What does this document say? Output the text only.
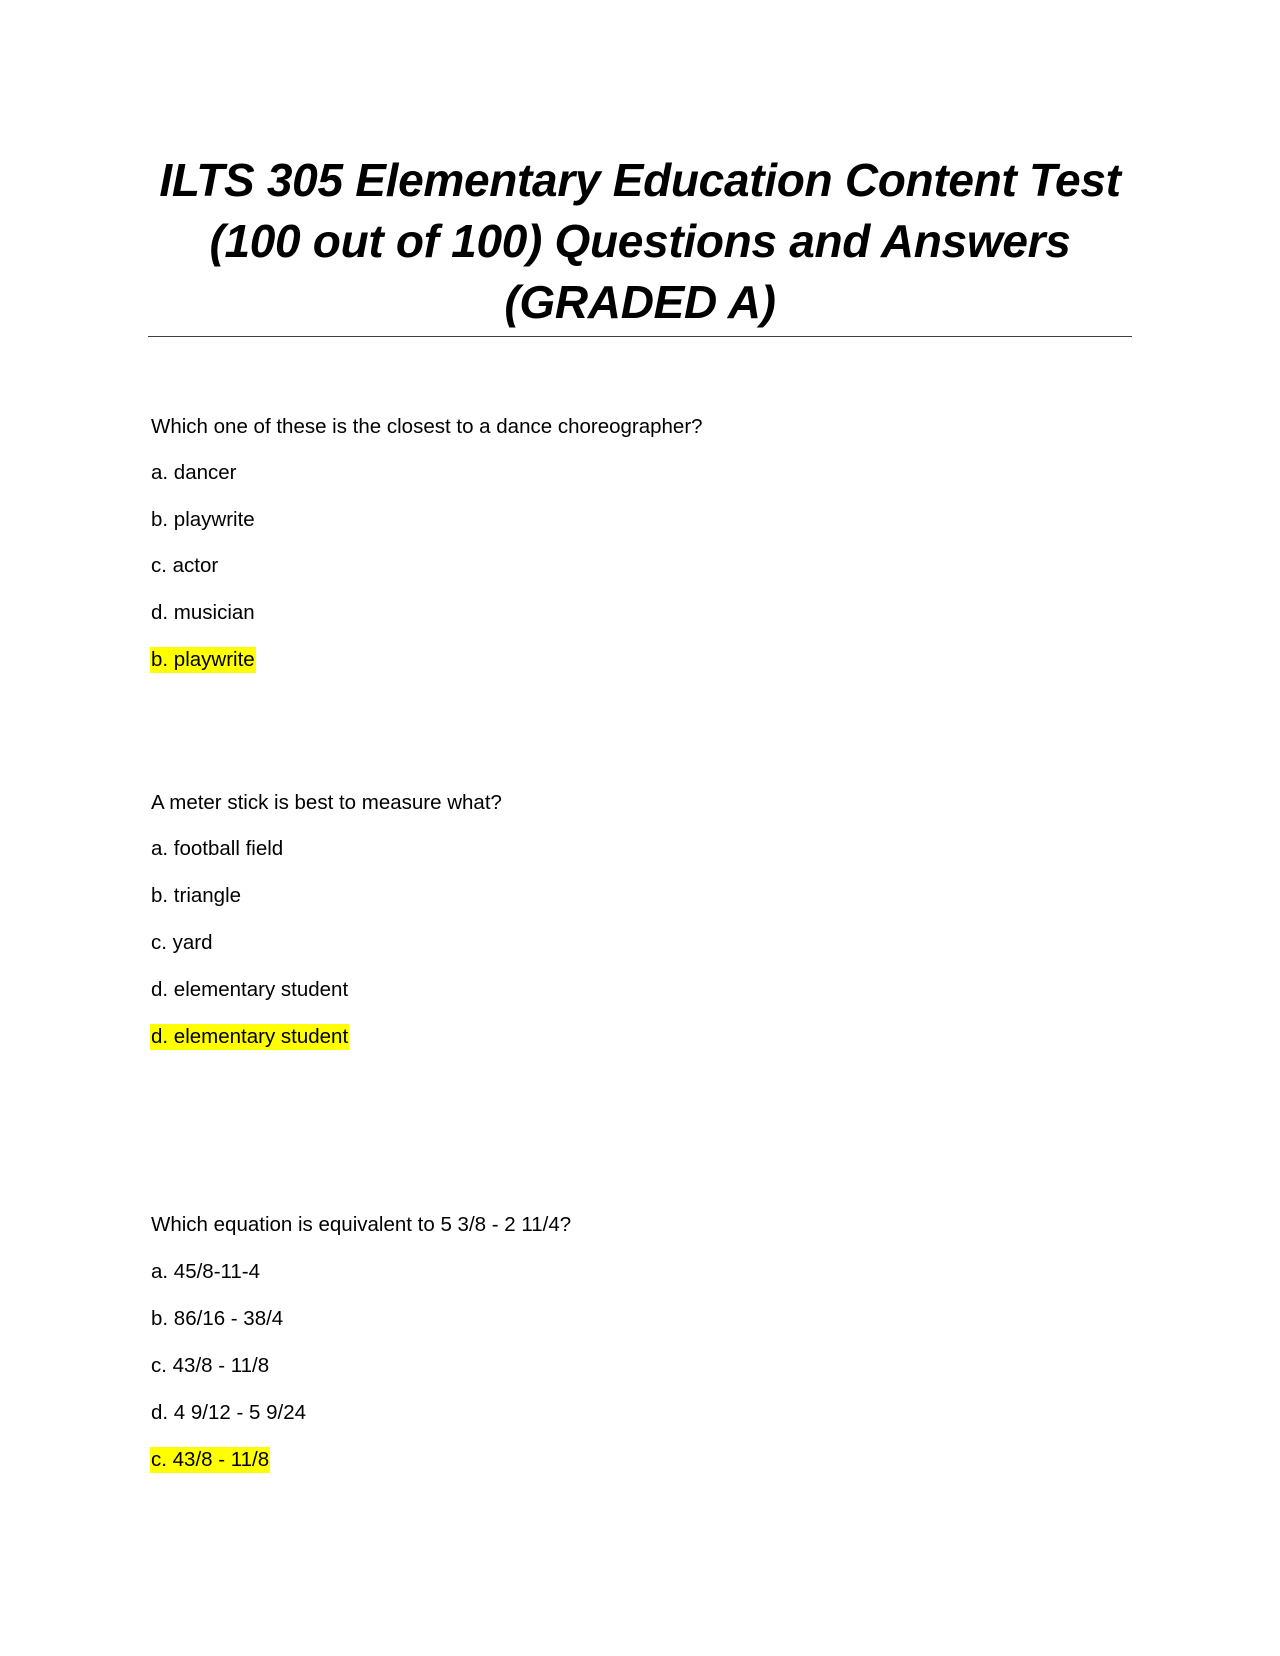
ILTS 305 Elementary Education Content Test
(100 out of 100) Questions and Answers
(GRADED A)
Which one of these is the closest to a dance choreographer?
a. dancer
b. playwrite
c. actor
d. musician
b. playwrite
A meter stick is best to measure what?
a. football field
b. triangle
c. yard
d. elementary student
d. elementary student
Which equation is equivalent to 5 3/8 - 2 11/4?
a. 45/8-11-4
b. 86/16 - 38/4
c. 43/8 - 11/8
d. 4 9/12 - 5 9/24
c. 43/8 - 11/8
